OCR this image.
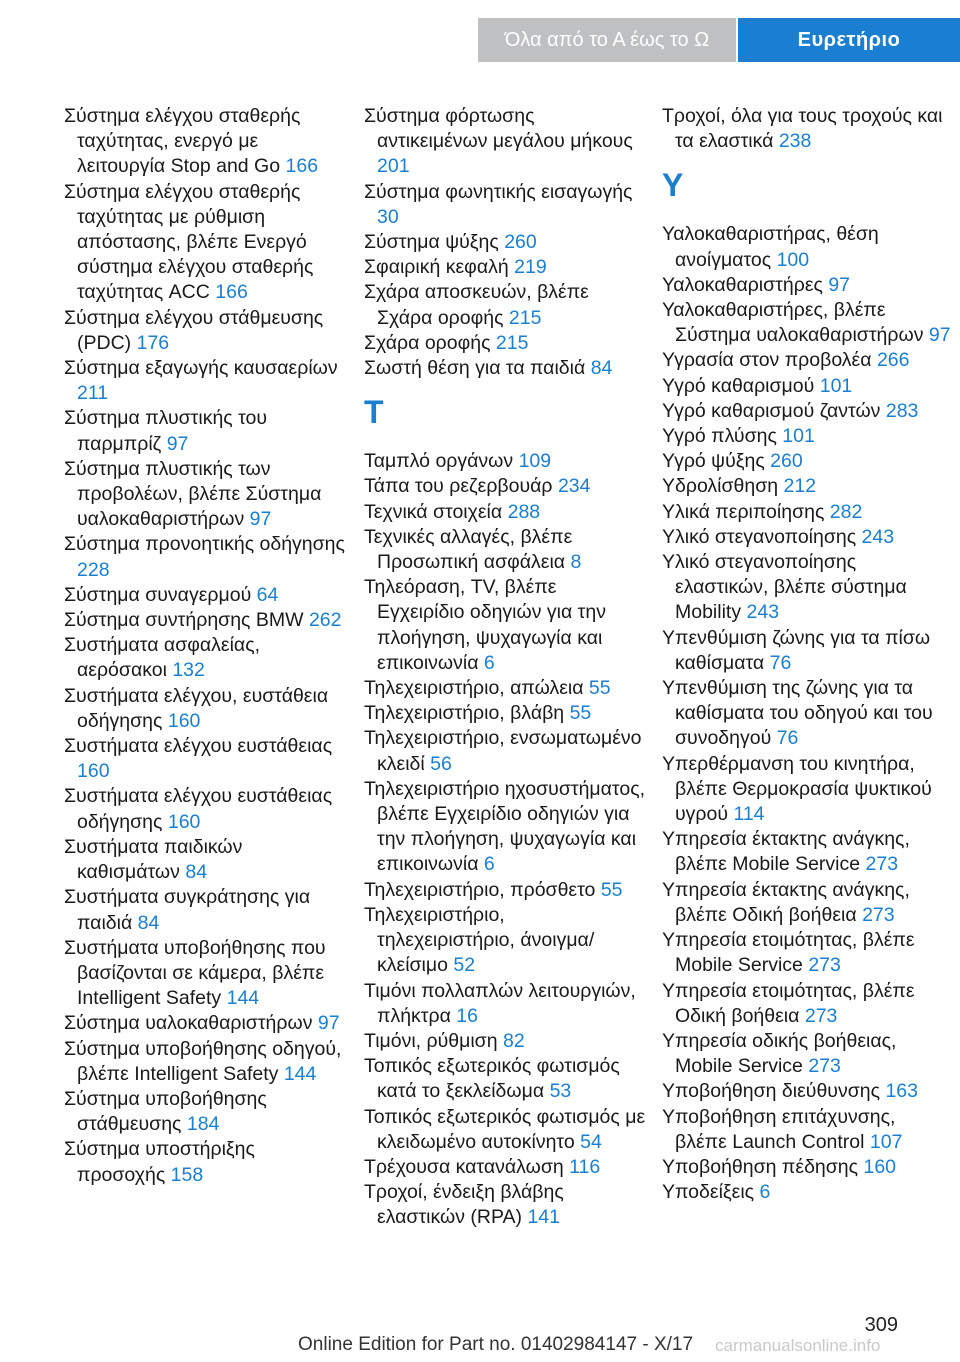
Όλα από το Α έως το Ω	Ευρετήριο
Σύστημα ελέγχου σταθερής ταχύτητας, ενεργό με λειτουργία Stop and Go 166
Σύστημα ελέγχου σταθερής ταχύτητας με ρύθμιση απόστασης, βλέπε Ενεργό σύστημα ελέγχου σταθερής ταχύτητας ACC 166
Σύστημα ελέγχου στάθμευσης (PDC) 176
Σύστημα εξαγωγής καυσαερίων 211
Σύστημα πλυστικής του παρμπρίζ 97
Σύστημα πλυστικής των προβολέων, βλέπε Σύστημα υαλοκαθαριστήρων 97
Σύστημα προνοητικής οδήγησης 228
Σύστημα συναγερμού 64
Σύστημα συντήρησης BMW 262
Συστήματα ασφαλείας, αερόσακοι 132
Συστήματα ελέγχου, ευστάθεια οδήγησης 160
Συστήματα ελέγχου ευστάθειας 160
Συστήματα ελέγχου ευστάθειας οδήγησης 160
Συστήματα παιδικών καθισμάτων 84
Συστήματα συγκράτησης για παιδιά 84
Συστήματα υποβοήθησης που βασίζονται σε κάμερα, βλέπε Intelligent Safety 144
Σύστημα υαλοκαθαριστήρων 97
Σύστημα υποβοήθησης οδηγού, βλέπε Intelligent Safety 144
Σύστημα υποβοήθησης στάθμευσης 184
Σύστημα υποστήριξης προσοχής 158
Σύστημα φόρτωσης αντικειμένων μεγάλου μήκους 201
Σύστημα φωνητικής εισαγωγής 30
Σύστημα ψύξης 260
Σφαιρική κεφαλή 219
Σχάρα αποσκευών, βλέπε Σχάρα οροφής 215
Σχάρα οροφής 215
Σωστή θέση για τα παιδιά 84
T
Ταμπλό οργάνων 109
Τάπα του ρεζερβουάρ 234
Τεχνικά στοιχεία 288
Τεχνικές αλλαγές, βλέπε Προσωπική ασφάλεια 8
Τηλεόραση, TV, βλέπε Εγχειρίδιο οδηγιών για την πλοήγηση, ψυχαγωγία και επικοινωνία 6
Τηλεχειριστήριο, απώλεια 55
Τηλεχειριστήριο, βλάβη 55
Τηλεχειριστήριο, ενσωματωμένο κλειδί 56
Τηλεχειριστήριο ηχοσυστήματος, βλέπε Εγχειρίδιο οδηγιών για την πλοήγηση, ψυχαγωγία και επικοινωνία 6
Τηλεχειριστήριο, πρόσθετο 55
Τηλεχειριστήριο, τηλεχειριστήριο, άνοιγμα/κλείσιμο 52
Τιμόνι πολλαπλών λειτουργιών, πλήκτρα 16
Τιμόνι, ρύθμιση 82
Τοπικός εξωτερικός φωτισμός κατά το ξεκλείδωμα 53
Τοπικός εξωτερικός φωτισμός με κλειδωμένο αυτοκίνητο 54
Τρέχουσα κατανάλωση 116
Τροχοί, ένδειξη βλάβης ελαστικών (RPA) 141
Τροχοί, όλα για τους τροχούς και τα ελαστικά 238
Y
Υαλοκαθαριστήρας, θέση ανοίγματος 100
Υαλοκαθαριστήρες 97
Υαλοκαθαριστήρες, βλέπε Σύστημα υαλοκαθαριστήρων 97
Υγρασία στον προβολέα 266
Υγρό καθαρισμού 101
Υγρό καθαρισμού ζαντών 283
Υγρό πλύσης 101
Υγρό ψύξης 260
Υδρολίσθηση 212
Υλικά περιποίησης 282
Υλικό στεγανοποίησης 243
Υλικό στεγανοποίησης ελαστικών, βλέπε σύστημα Mobility 243
Υπενθύμιση ζώνης για τα πίσω καθίσματα 76
Υπενθύμιση της ζώνης για τα καθίσματα του οδηγού και του συνοδηγού 76
Υπερθέρμανση του κινητήρα, βλέπε Θερμοκρασία ψυκτικού υγρού 114
Υπηρεσία έκτακτης ανάγκης, βλέπε Mobile Service 273
Υπηρεσία έκτακτης ανάγκης, βλέπε Οδική βοήθεια 273
Υπηρεσία ετοιμότητας, βλέπε Mobile Service 273
Υπηρεσία ετοιμότητας, βλέπε Οδική βοήθεια 273
Υπηρεσία οδικής βοήθειας, Mobile Service 273
Υποβοήθηση διεύθυνσης 163
Υποβοήθηση επιτάχυνσης, βλέπε Launch Control 107
Υποβοήθηση πέδησης 160
Υποδείξεις 6
309
Online Edition for Part no. 01402984147 - X/17 carmanualsonline.info
